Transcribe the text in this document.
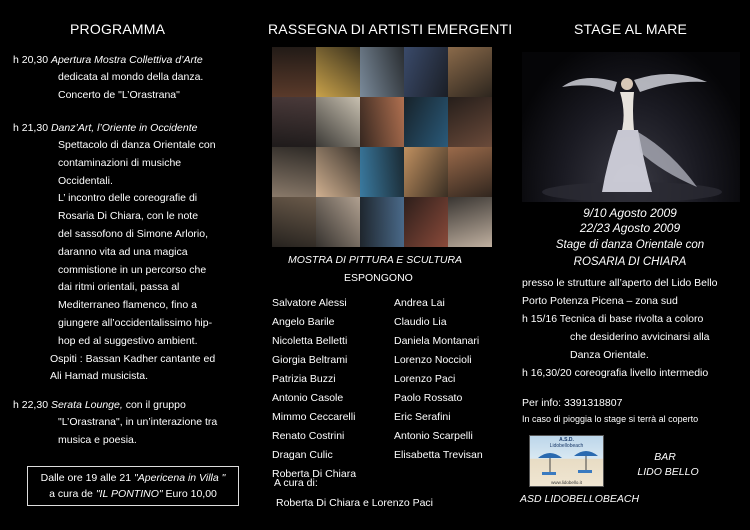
PROGRAMMA
h 20,30 Apertura Mostra Collettiva d’Arte
dedicata al mondo della danza.
Concerto de "L’Orastrana"
h 21,30 Danz’Art, l’Oriente in Occidente
Spettacolo di danza Orientale con
contaminazioni di musiche
Occidentali.
L’ incontro delle coreografie di
Rosaria Di Chiara, con le note
del sassofono di Simone Arlorio,
daranno vita ad una magica
commistione in un percorso che
dai ritmi orientali, passa al
Mediterraneo flamenco, fino a
giungere all’occidentalissimo hip-
hop ed al suggestivo ambient.
Ospiti : Bassan Kadher cantante ed
Ali Hamad musicista.
h 22,30 Serata Lounge, con il gruppo
"L’Orastrana", in un’interazione tra
musica e poesia.
Dalle ore 19 alle 21 "Apericena in Villa "
a cura de "IL PONTINO" Euro 10,00
RASSEGNA DI ARTISTI EMERGENTI
MOSTRA DI PITTURA E SCULTURA
ESPONGONO
Salvatore Alessi
Angelo Barile
Nicoletta Belletti
Giorgia Beltrami
Patrizia Buzzi
Antonio Casole
Mimmo Ceccarelli
Renato Costrini
Dragan Culic
Roberta Di Chiara
Andrea Lai
Claudio Lia
Daniela Montanari
Lorenzo Noccioli
Lorenzo Paci
Paolo Rossato
Eric Serafini
Antonio Scarpelli
Elisabetta Trevisan
A cura di:
Roberta Di Chiara e Lorenzo Paci
STAGE AL MARE
9/10 Agosto 2009
22/23 Agosto 2009
Stage di danza Orientale con
ROSARIA DI CHIARA
presso le strutture all’aperto del Lido Bello
Porto Potenza Picena – zona sud
h 15/16 Tecnica di base rivolta a coloro
che desiderino avvicinarsi alla
Danza Orientale.
h 16,30/20 coreografia livello intermedio
Per info: 3391318807
In caso di pioggia lo stage si terrà al coperto
A.S.D.
Lidobellobeach
www.lidobello.it
BAR
LIDO BELLO
ASD LIDOBELLOBEACH
